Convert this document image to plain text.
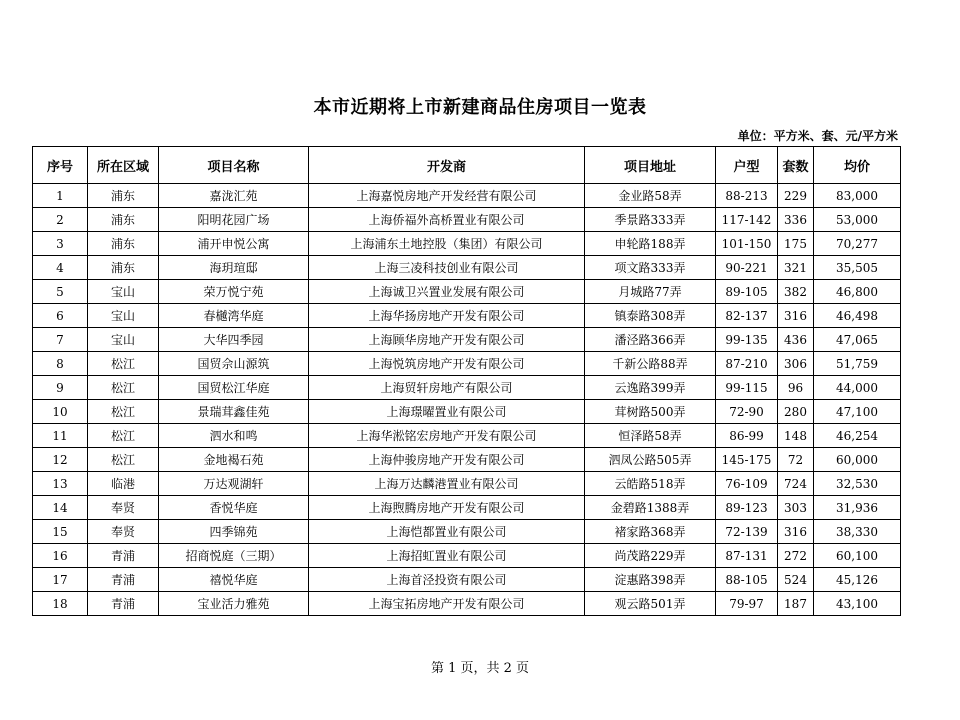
本市近期将上市新建商品住房项目一览表
单位：平方米、套、元/平方米
序号	所在区域	项目名称	开发商	项目地址	户型	套数	均价
1	浦东	嘉泷汇苑	上海嘉悦房地产开发经营有限公司	金业路58弄	88-213	229	83,000
2	浦东	阳明花园广场	上海侨福外高桥置业有限公司	季景路333弄	117-142	336	53,000
3	浦东	浦开申悦公寓	上海浦东土地控股（集团）有限公司	申轮路188弄	101-150	175	70,277
4	浦东	海玥瑄邸	上海三凌科技创业有限公司	项文路333弄	90-221	321	35,505
5	宝山	荣万悦宁苑	上海诚卫兴置业发展有限公司	月城路77弄	89-105	382	46,800
6	宝山	春樾湾华庭	上海华扬房地产开发有限公司	镇泰路308弄	82-137	316	46,498
7	宝山	大华四季园	上海顾华房地产开发有限公司	潘泾路366弄	99-135	436	47,065
8	松江	国贸佘山源筑	上海悦筑房地产开发有限公司	千新公路88弄	87-210	306	51,759
9	松江	国贸松江华庭	上海贸轩房地产有限公司	云逸路399弄	99-115	96	44,000
10	松江	景瑞茸鑫佳苑	上海璟曜置业有限公司	茸树路500弄	72-90	280	47,100
11	松江	泗水和鸣	上海华淞铭宏房地产开发有限公司	恒泽路58弄	86-99	148	46,254
12	松江	金地褐石苑	上海仲骏房地产开发有限公司	泗凤公路505弄	145-175	72	60,000
13	临港	万达观湖轩	上海万达麟港置业有限公司	云皓路518弄	76-109	724	32,530
14	奉贤	香悦华庭	上海煦腾房地产开发有限公司	金碧路1388弄	89-123	303	31,936
15	奉贤	四季锦苑	上海恺都置业有限公司	褚家路368弄	72-139	316	38,330
16	青浦	招商悦庭（三期）	上海招虹置业有限公司	尚茂路229弄	87-131	272	60,100
17	青浦	禧悦华庭	上海首泾投资有限公司	淀惠路398弄	88-105	524	45,126
18	青浦	宝业活力雅苑	上海宝拓房地产开发有限公司	观云路501弄	79-97	187	43,100
第 1 页，共 2 页
